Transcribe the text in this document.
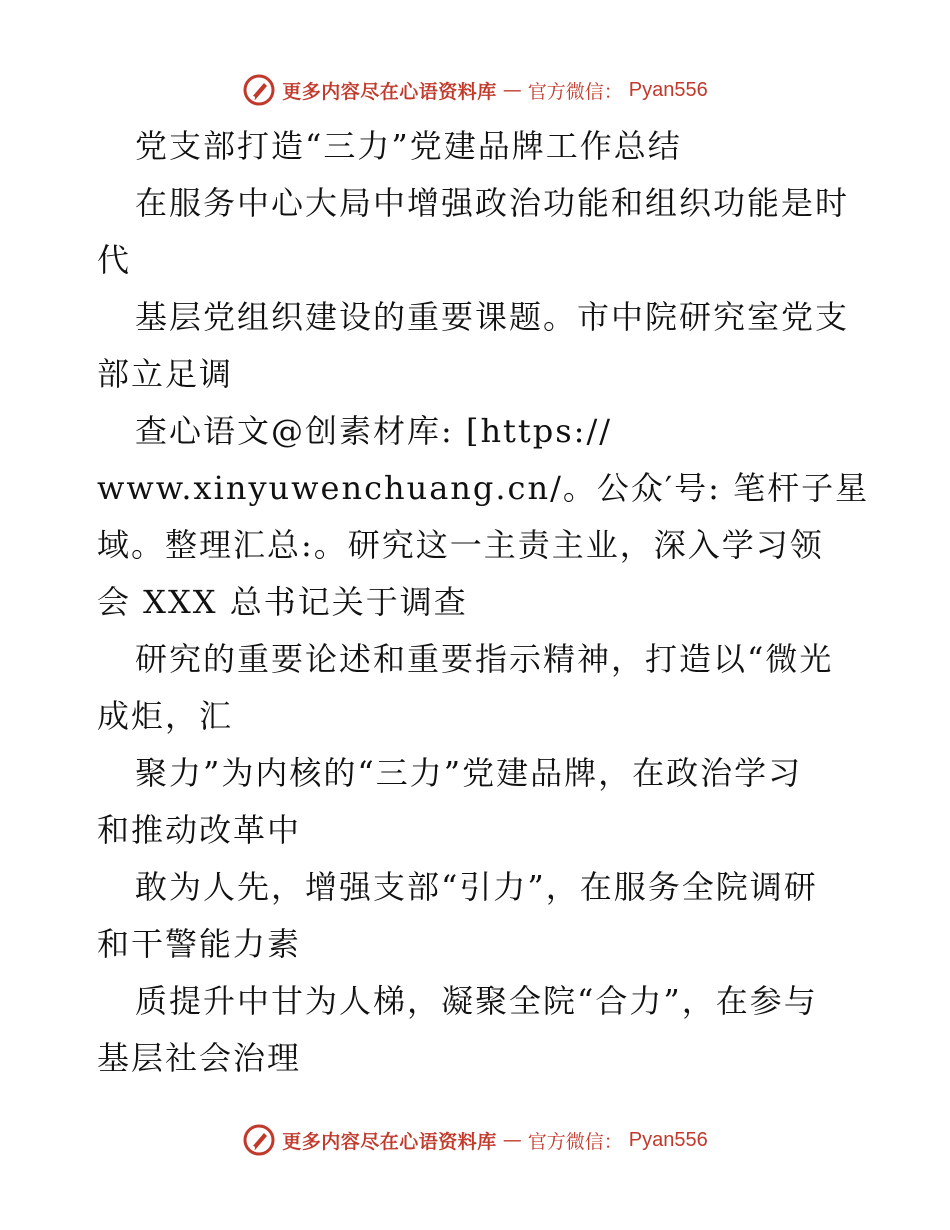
更多内容尽在心语资料库 — 官方微信： Pyan556
党支部打造“三力”党建品牌工作总结
在服务中心大局中增强政治功能和组织功能是时
代
基层党组织建设的重要课题。市中院研究室党支
部立足调
查心语文@创素材库: [https://
www.xinyuwenchuang.cn/。公众′号: 笔杆子星
域。整理汇总:。研究这一主责主业，深入学习领
会 XXX 总书记关于调查
研究的重要论述和重要指示精神，打造以“微光
成炬，汇
聚力”为内核的“三力”党建品牌，在政治学习
和推动改革中
敢为人先，增强支部“引力”，在服务全院调研
和干警能力素
质提升中甘为人梯，凝聚全院“合力”，在参与
基层社会治理
更多内容尽在心语资料库 — 官方微信： Pyan556
